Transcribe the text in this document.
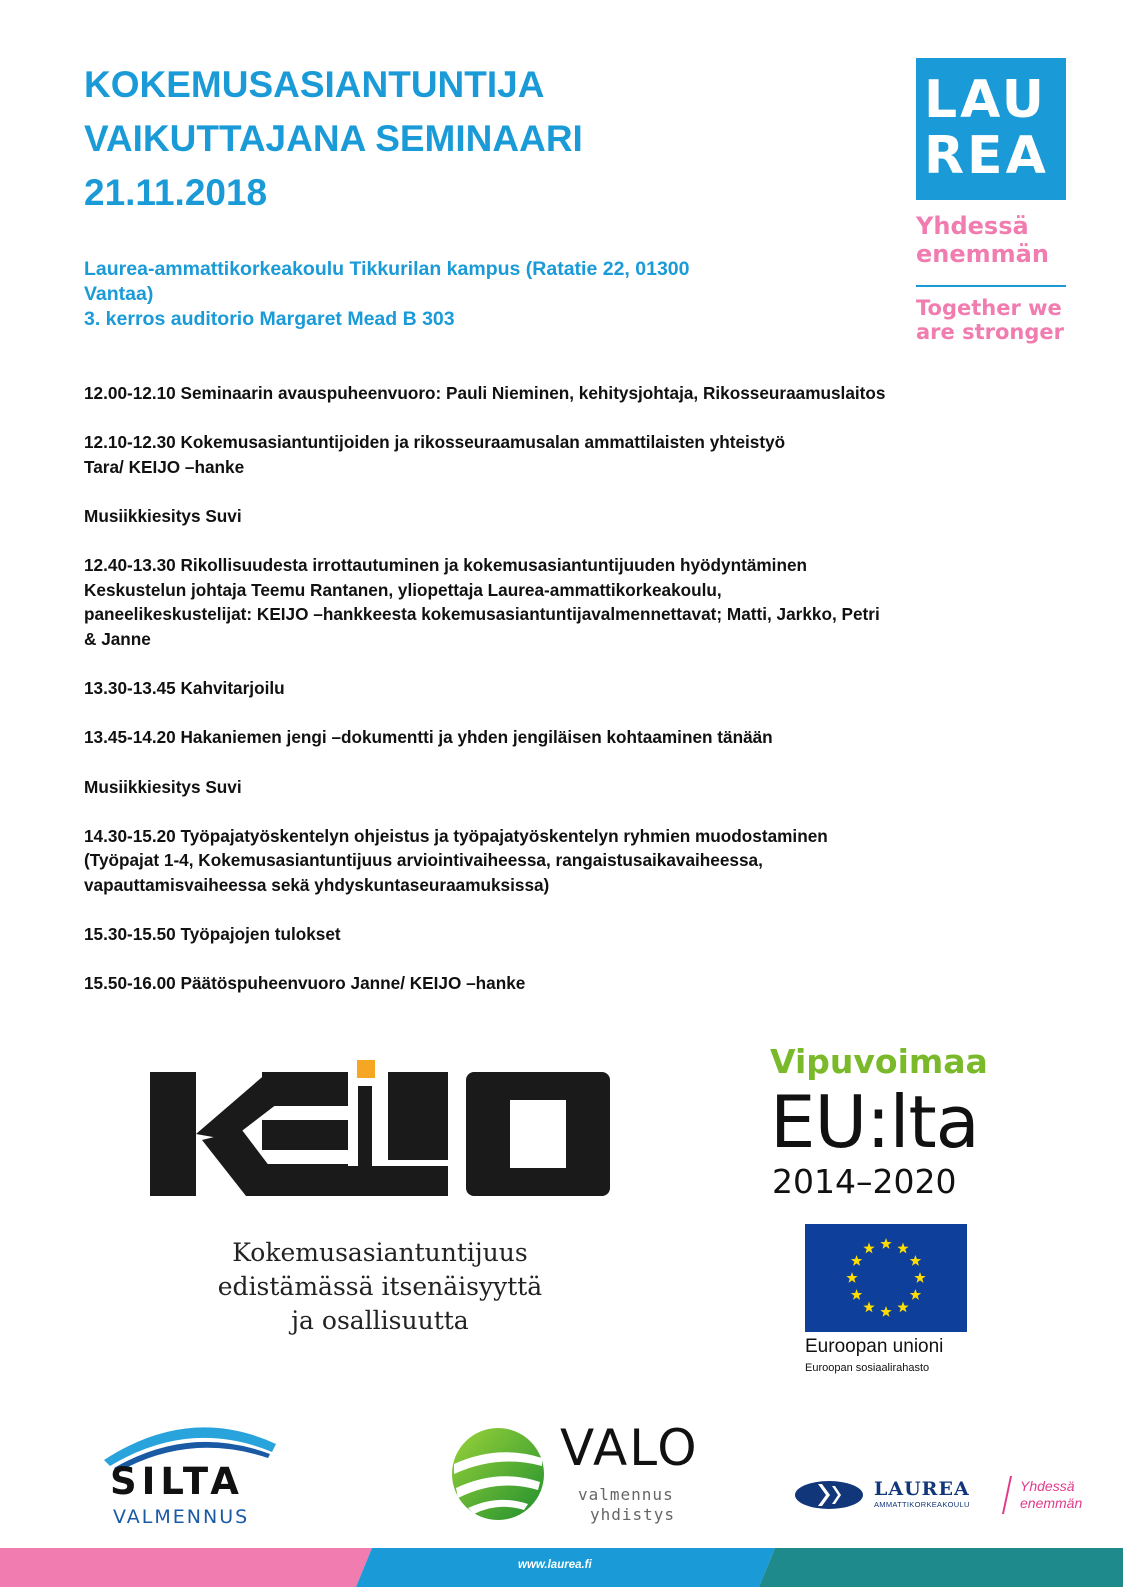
KOKEMUSASIANTUNTIJA
VAIKUTTAJANA SEMINAARI
21.11.2018
Laurea-ammattikorkeakoulu Tikkurilan kampus (Ratatie 22, 01300
Vantaa)
3. kerros auditorio Margaret Mead B 303
12.00-12.10 Seminaarin avauspuheenvuoro: Pauli Nieminen, kehitysjohtaja, Rikosseuraamuslaitos
12.10-12.30 Kokemusasiantuntijoiden ja rikosseuraamusalan ammattilaisten yhteistyö
Tara/ KEIJO –hanke
Musiikkiesitys Suvi
12.40-13.30 Rikollisuudesta irrottautuminen ja kokemusasiantuntijuuden hyödyntäminen
Keskustelun johtaja Teemu Rantanen, yliopettaja Laurea-ammattikorkeakoulu,
paneelikeskustelijat: KEIJO –hankkeesta kokemusasiantuntijavalmennettavat; Matti, Jarkko, Petri
& Janne
13.30-13.45 Kahvitarjoilu
13.45-14.20 Hakaniemen jengi –dokumentti ja yhden jengiläisen kohtaaminen tänään
Musiikkiesitys Suvi
14.30-15.20 Työpajatyöskentelyn ohjeistus ja työpajatyöskentelyn ryhmien muodostaminen
(Työpajat 1-4, Kokemusasiantuntijuus arviointivaiheessa, rangaistusaikavaiheessa,
vapauttamisvaiheessa sekä yhdyskuntaseuraamuksissa)
15.30-15.50 Työpajojen tulokset
15.50-16.00 Päätöspuheenvuoro Janne/ KEIJO –hanke
LAU
REA
Yhdessä
enemmän
Together we
are stronger
Kokemusasiantuntijuus
edistämässä itsenäisyyttä
ja osallisuutta
Vipuvoimaa
EU:lta
2014–2020
Euroopan unioni
Euroopan sosiaalirahasto
SILTA
VALMENNUS
VALO
valmennus
yhdistys
LAUREA
AMMATTIKORKEAKOULU
Yhdessä
enemmän
www.laurea.fi
